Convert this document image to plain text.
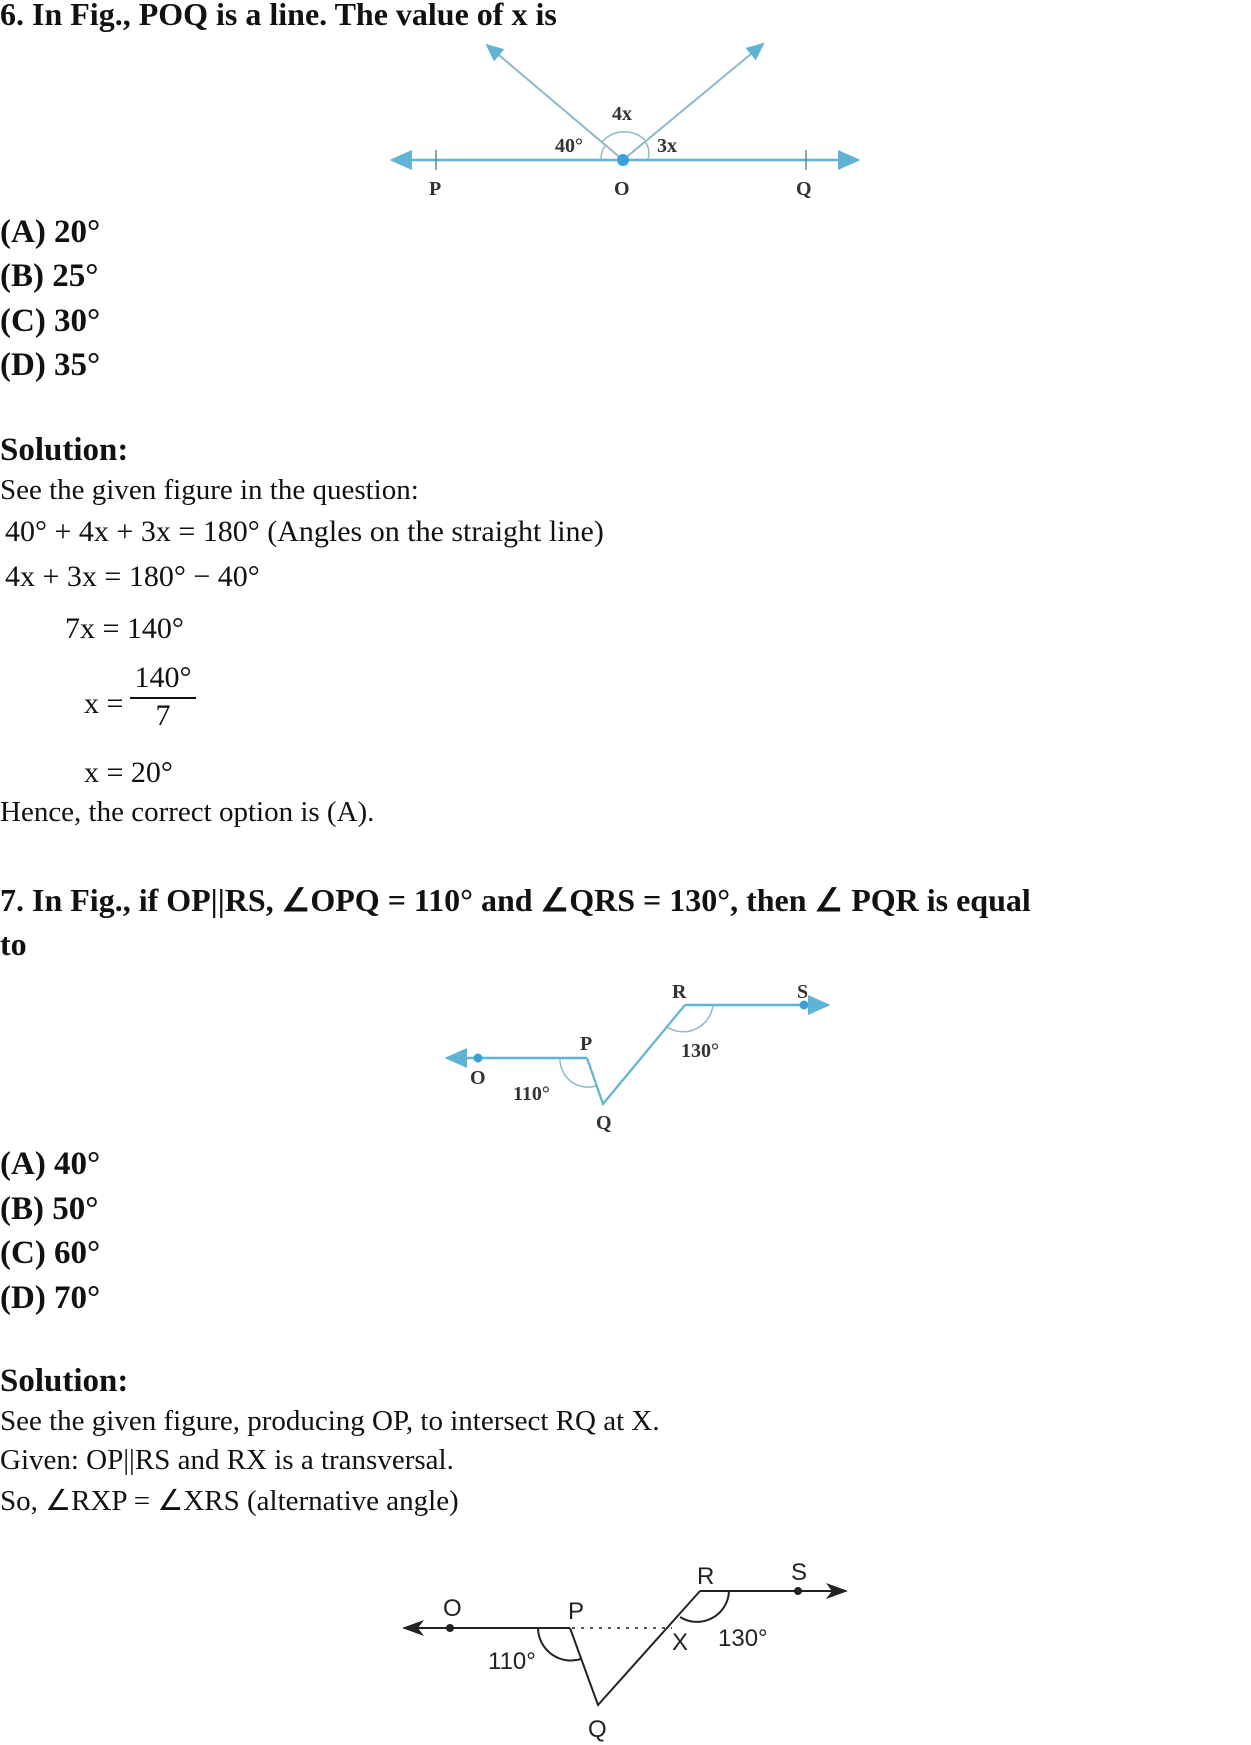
6. In Fig., POQ is a line. The value of x is
4x
40°	3x
P	O	Q
R	S
P
O
110°
130°
Q
O	P
R	S
X 130°
110°
Q
(A) 20°
(B) 25°
(C) 30°
(D) 35°
Solution:
See the given figure in the question:
40° + 4x + 3x = 180° (Angles on the straight line)
4x + 3x = 180° − 40°
7x = 140°
x =
140°
7
x = 20°
Hence, the correct option is (A).
7. In Fig., if OP||RS, ∠OPQ = 110° and ∠QRS = 130°, then ∠ PQR is equal
to
(A) 40°
(B) 50°
(C) 60°
(D) 70°
Solution:
See the given figure, producing OP, to intersect RQ at X.
Given: OP||RS and RX is a transversal.
So, ∠RXP = ∠XRS (alternative angle)
